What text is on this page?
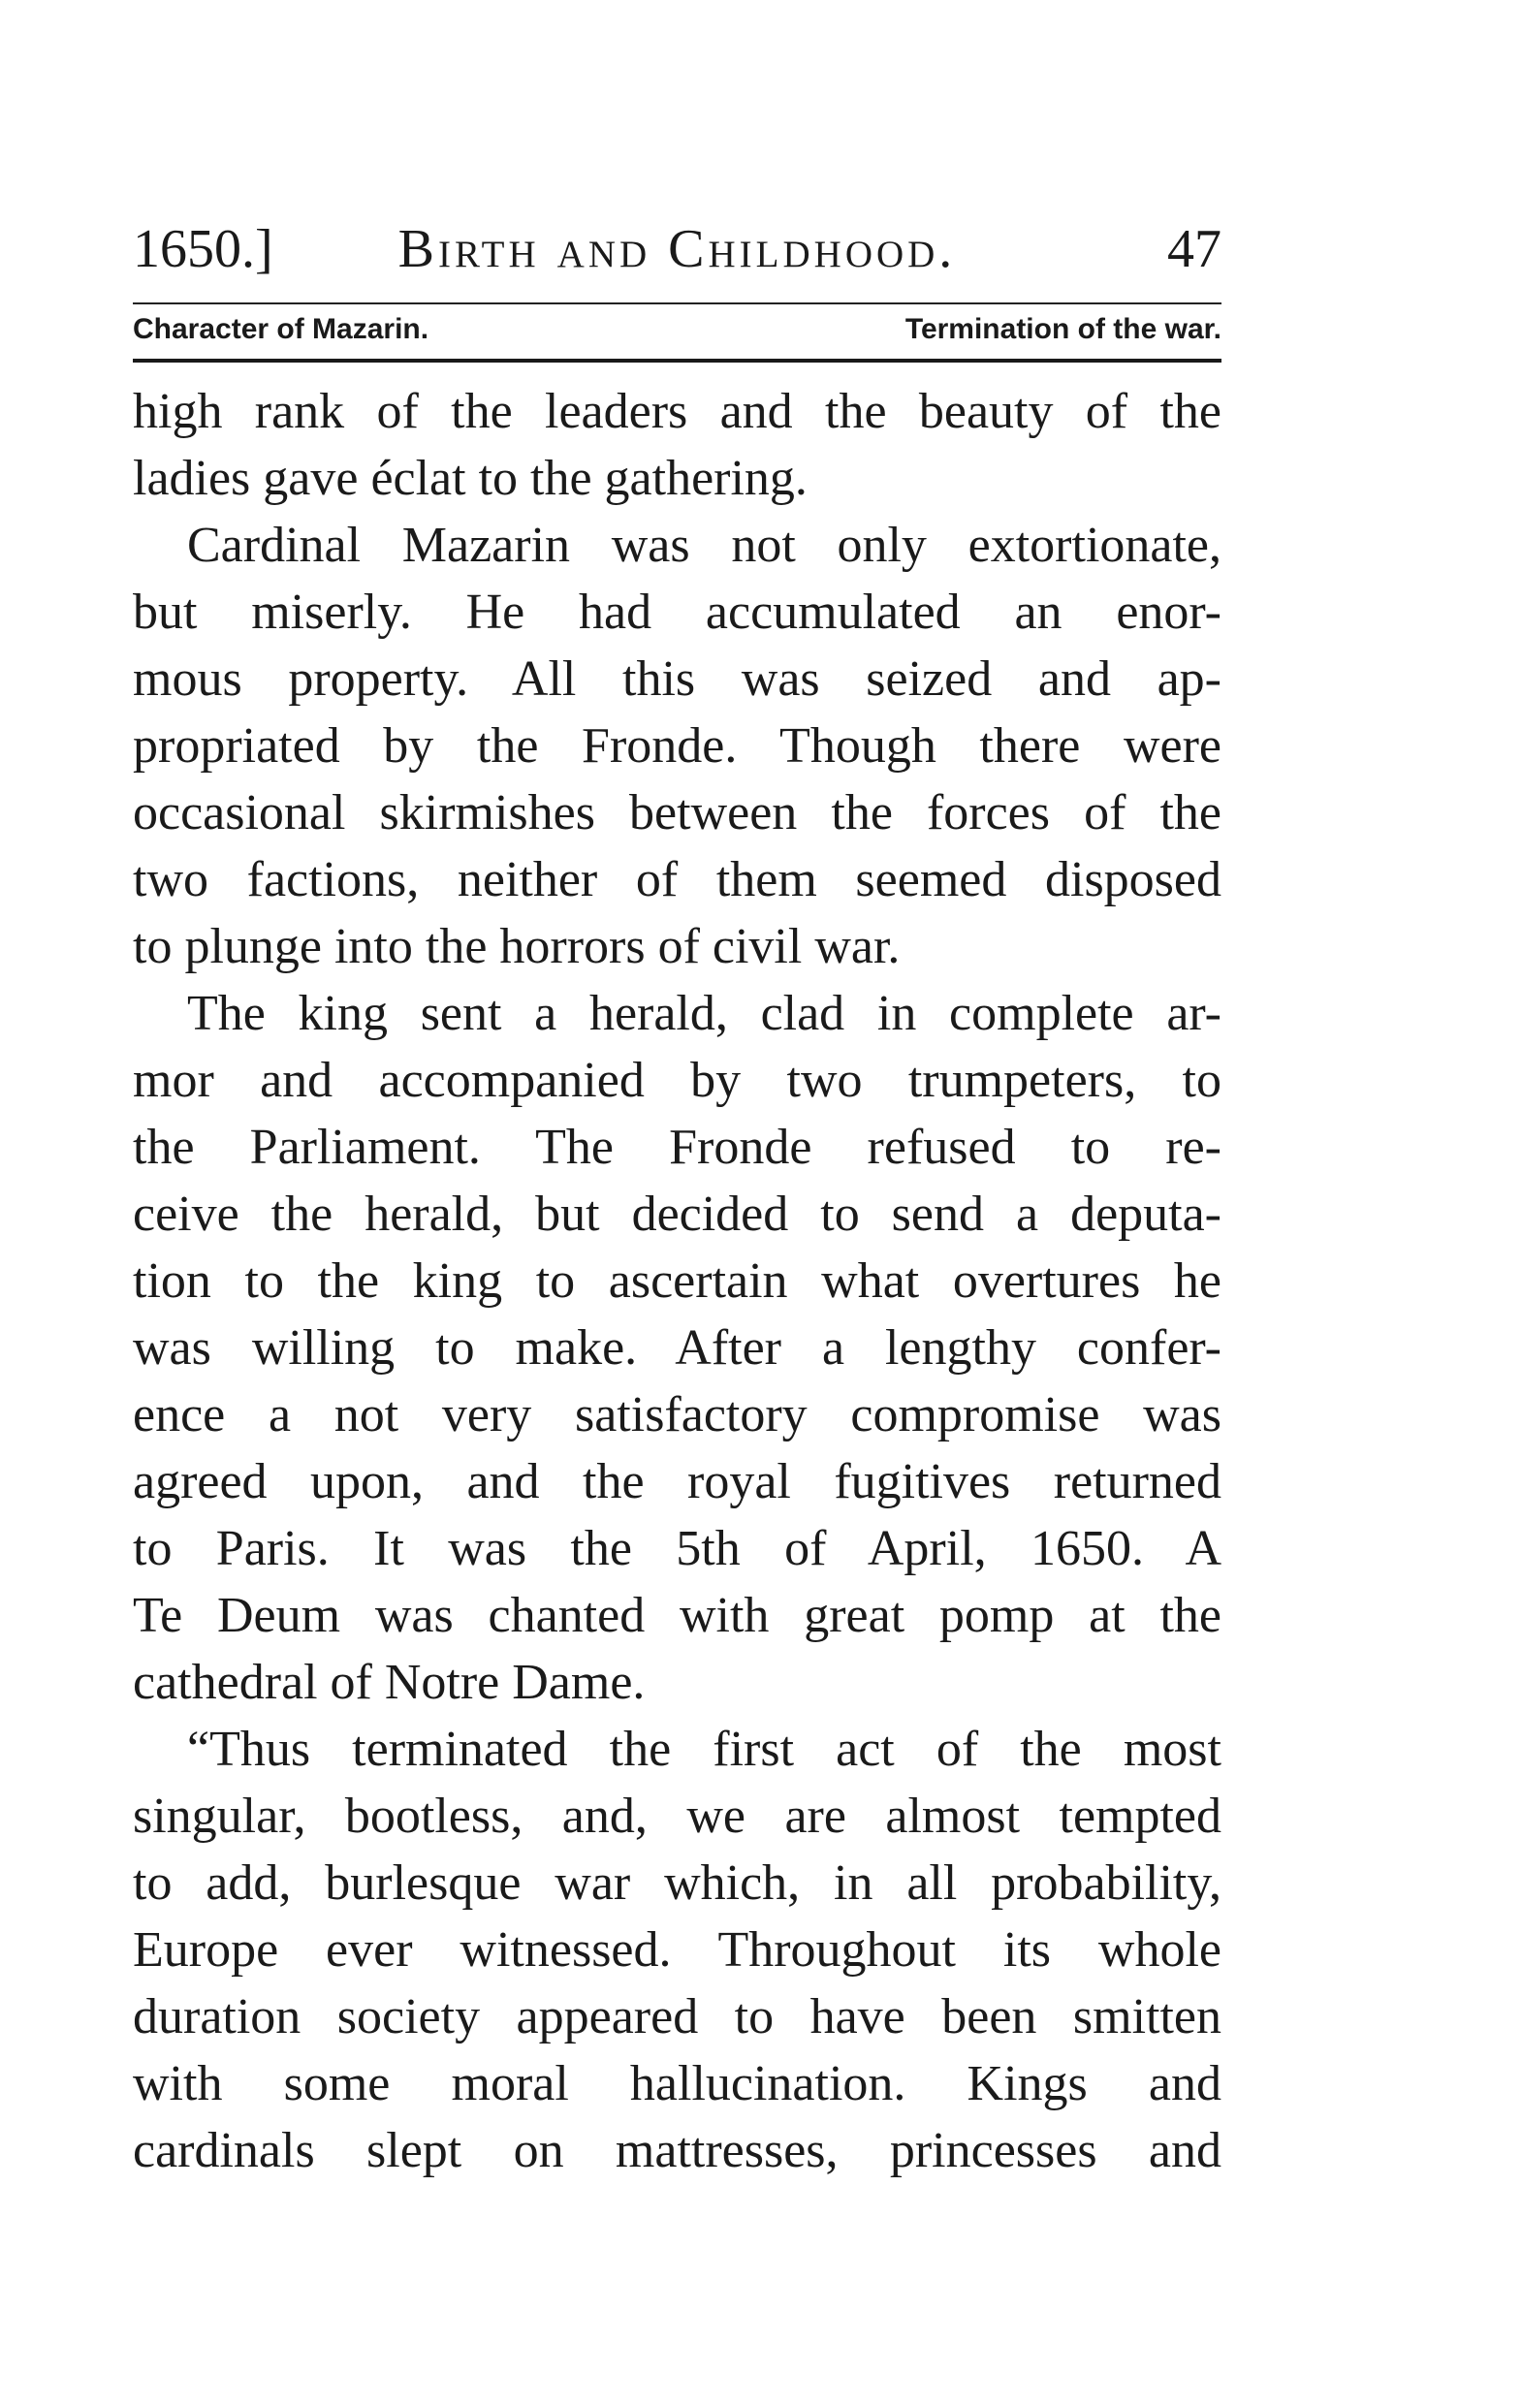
1650.]	Birth and Childhood.	47
Character of Mazarin.	Termination of the war.
high rank of the leaders and the beauty of the
ladies gave éclat to the gathering.
Cardinal Mazarin was not only extortionate,
but miserly. He had accumulated an enor-
mous property. All this was seized and ap-
propriated by the Fronde. Though there were
occasional skirmishes between the forces of the
two factions, neither of them seemed disposed
to plunge into the horrors of civil war.
The king sent a herald, clad in complete ar-
mor and accompanied by two trumpeters, to
the Parliament. The Fronde refused to re-
ceive the herald, but decided to send a deputa-
tion to the king to ascertain what overtures he
was willing to make. After a lengthy confer-
ence a not very satisfactory compromise was
agreed upon, and the royal fugitives returned
to Paris. It was the 5th of April, 1650. A
Te Deum was chanted with great pomp at the
cathedral of Notre Dame.
“Thus terminated the first act of the most
singular, bootless, and, we are almost tempted
to add, burlesque war which, in all probability,
Europe ever witnessed. Throughout its whole
duration society appeared to have been smitten
with some moral hallucination. Kings and
cardinals slept on mattresses, princesses and
